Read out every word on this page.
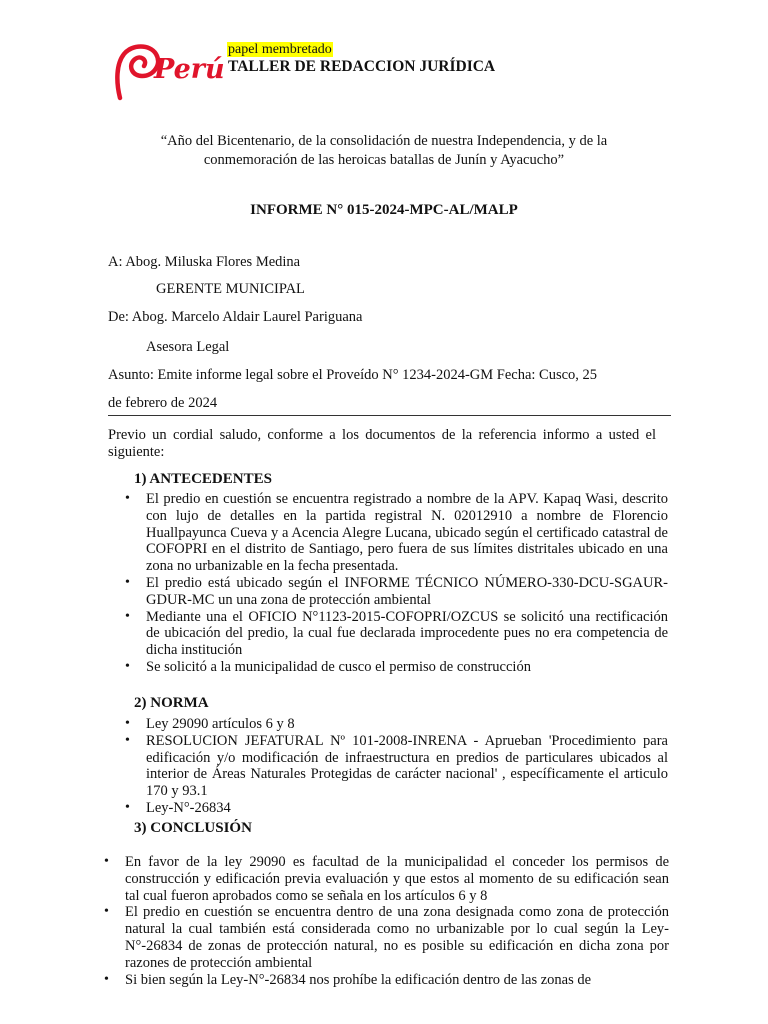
Perú
papel membretado
TALLER DE REDACCION JURÍDICA
“Año del Bicentenario, de la consolidación de nuestra Independencia, y de la
conmemoración de las heroicas batallas de Junín y Ayacucho”
INFORME N° 015-2024-MPC-AL/MALP
A: Abog. Miluska Flores Medina
GERENTE MUNICIPAL
De: Abog. Marcelo Aldair Laurel Pariguana
Asesora Legal
Asunto: Emite informe legal sobre el Proveído N° 1234-2024-GM Fecha: Cusco, 25
de febrero de 2024
Previo un cordial saludo, conforme a los documentos de la referencia informo a usted el siguiente:
1) ANTECEDENTES
• El predio en cuestión se encuentra registrado a nombre de la APV. Kapaq Wasi, descrito con lujo de detalles en la partida registral N. 02012910 a nombre de Florencio Huallpayunca Cueva y a Acencia Alegre Lucana, ubicado según el certificado catastral de COFOPRI en el distrito de Santiago, pero fuera de sus límites distritales ubicado en una zona no urbanizable en la fecha presentada.
• El predio está ubicado según el INFORME TÉCNICO NÚMERO-330-DCU-SGAUR-GDUR-MC un una zona de protección ambiental
• Mediante una el OFICIO N°1123-2015-COFOPRI/OZCUS se solicitó una rectificación de ubicación del predio, la cual fue declarada improcedente pues no era competencia de dicha institución
• Se solicitó a la municipalidad de cusco el permiso de construcción
2) NORMA
• Ley 29090 artículos 6 y 8
• RESOLUCION JEFATURAL Nº 101-2008-INRENA - Aprueban 'Procedimiento para edificación y/o modificación de infraestructura en predios de particulares ubicados al interior de Áreas Naturales Protegidas de carácter nacional' , específicamente el articulo 170 y 93.1
• Ley-N°-26834
3) CONCLUSIÓN
• En favor de la ley 29090 es facultad de la municipalidad el conceder los permisos de construcción y edificación previa evaluación y que estos al momento de su edificación sean tal cual fueron aprobados como se señala en los artículos 6 y 8
• El predio en cuestión se encuentra dentro de una zona designada como zona de protección natural la cual también está considerada como no urbanizable por lo cual según la Ley-N°-26834 de zonas de protección natural, no es posible su edificación en dicha zona por razones de protección ambiental
• Si bien según la Ley-N°-26834 nos prohíbe la edificación dentro de las zonas de
